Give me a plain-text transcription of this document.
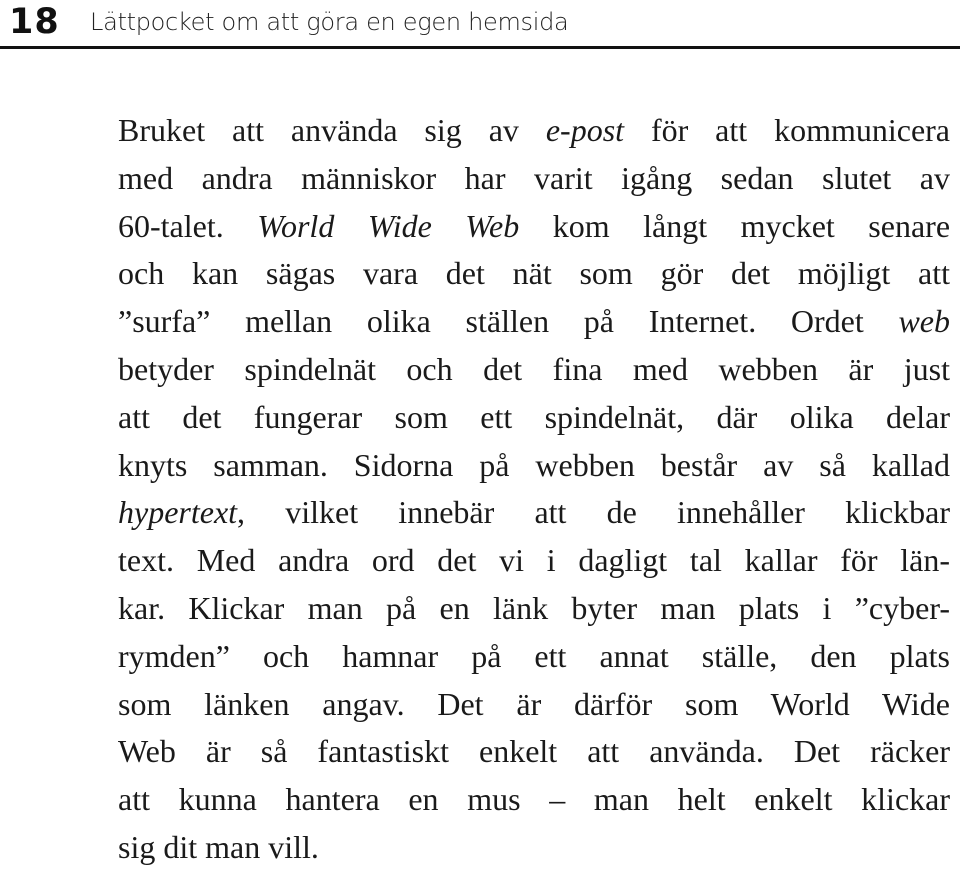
18 Lättpocket om att göra en egen hemsida
Bruket att använda sig av e-post för att kommunicera
med andra människor har varit igång sedan slutet av
60-talet. World Wide Web kom långt mycket senare
och kan sägas vara det nät som gör det möjligt att
”surfa” mellan olika ställen på Internet. Ordet web
betyder spindelnät och det fina med webben är just
att det fungerar som ett spindelnät, där olika delar
knyts samman. Sidorna på webben består av så kallad
hypertext, vilket innebär att de innehåller klickbar
text. Med andra ord det vi i dagligt tal kallar för län-
kar. Klickar man på en länk byter man plats i ”cyber-
rymden” och hamnar på ett annat ställe, den plats
som länken angav. Det är därför som World Wide
Web är så fantastiskt enkelt att använda. Det räcker
att kunna hantera en mus – man helt enkelt klickar
sig dit man vill.
